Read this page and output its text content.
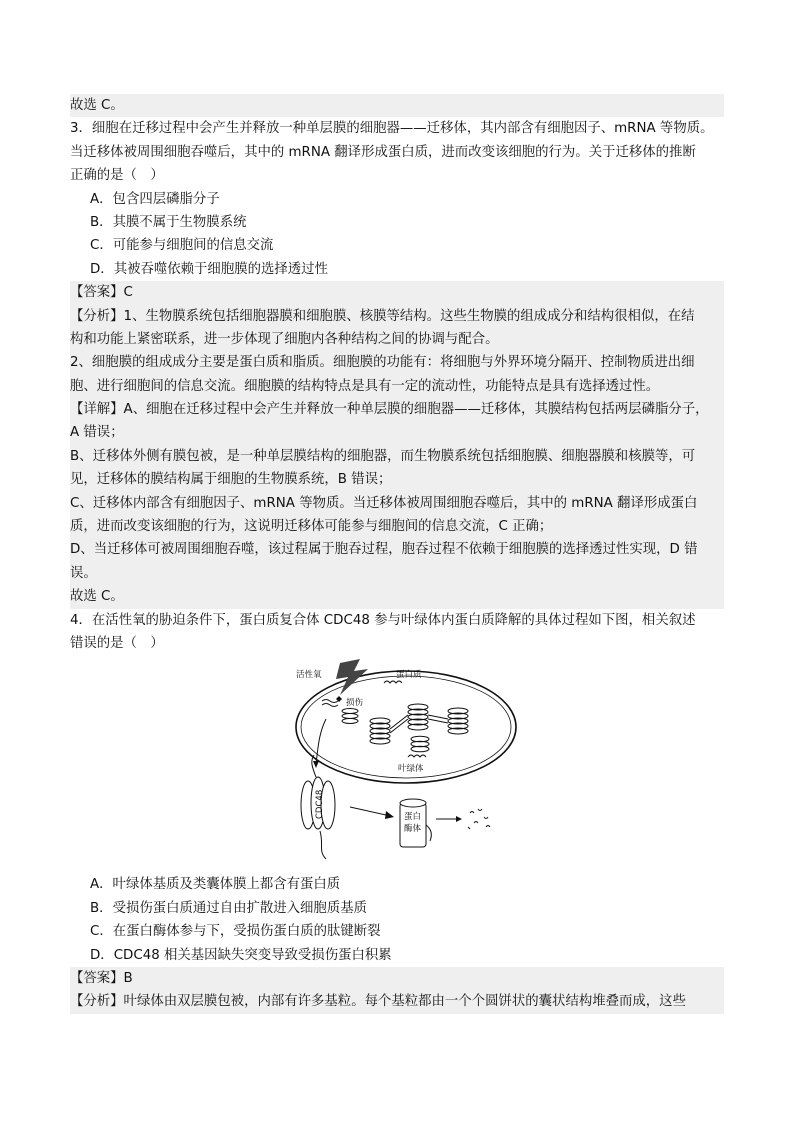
故选 C。
3．细胞在迁移过程中会产生并释放一种单层膜的细胞器——迁移体，其内部含有细胞因子、mRNA 等物质。
当迁移体被周围细胞吞噬后，其中的 mRNA 翻译形成蛋白质，进而改变该细胞的行为。关于迁移体的推断
正确的是（　）
A．包含四层磷脂分子
B．其膜不属于生物膜系统
C．可能参与细胞间的信息交流
D．其被吞噬依赖于细胞膜的选择透过性
【答案】C
【分析】1、生物膜系统包括细胞器膜和细胞膜、核膜等结构。这些生物膜的组成成分和结构很相似，在结
构和功能上紧密联系，进一步体现了细胞内各种结构之间的协调与配合。
2、细胞膜的组成成分主要是蛋白质和脂质。细胞膜的功能有：将细胞与外界环境分隔开、控制物质进出细
胞、进行细胞间的信息交流。细胞膜的结构特点是具有一定的流动性，功能特点是具有选择透过性。
【详解】A、细胞在迁移过程中会产生并释放一种单层膜的细胞器——迁移体，其膜结构包括两层磷脂分子，
A 错误；
B、迁移体外侧有膜包被，是一种单层膜结构的细胞器，而生物膜系统包括细胞膜、细胞器膜和核膜等，可
见，迁移体的膜结构属于细胞的生物膜系统，B 错误；
C、迁移体内部含有细胞因子、mRNA 等物质。当迁移体被周围细胞吞噬后，其中的 mRNA 翻译形成蛋白
质，进而改变该细胞的行为，这说明迁移体可能参与细胞间的信息交流，C 正确；
D、当迁移体可被周围细胞吞噬，该过程属于胞吞过程，胞吞过程不依赖于细胞膜的选择透过性实现，D 错
误。
故选 C。
4．在活性氧的胁迫条件下，蛋白质复合体 CDC48 参与叶绿体内蛋白质降解的具体过程如下图，相关叙述
错误的是（　）
活性氧	蛋白质
损伤
叶绿体
CDC48	蛋白
酶体
A．叶绿体基质及类囊体膜上都含有蛋白质
B．受损伤蛋白质通过自由扩散进入细胞质基质
C．在蛋白酶体参与下，受损伤蛋白质的肽键断裂
D．CDC48 相关基因缺失突变导致受损伤蛋白积累
【答案】B
【分析】叶绿体由双层膜包被，内部有许多基粒。每个基粒都由一个个圆饼状的囊状结构堆叠而成，这些
